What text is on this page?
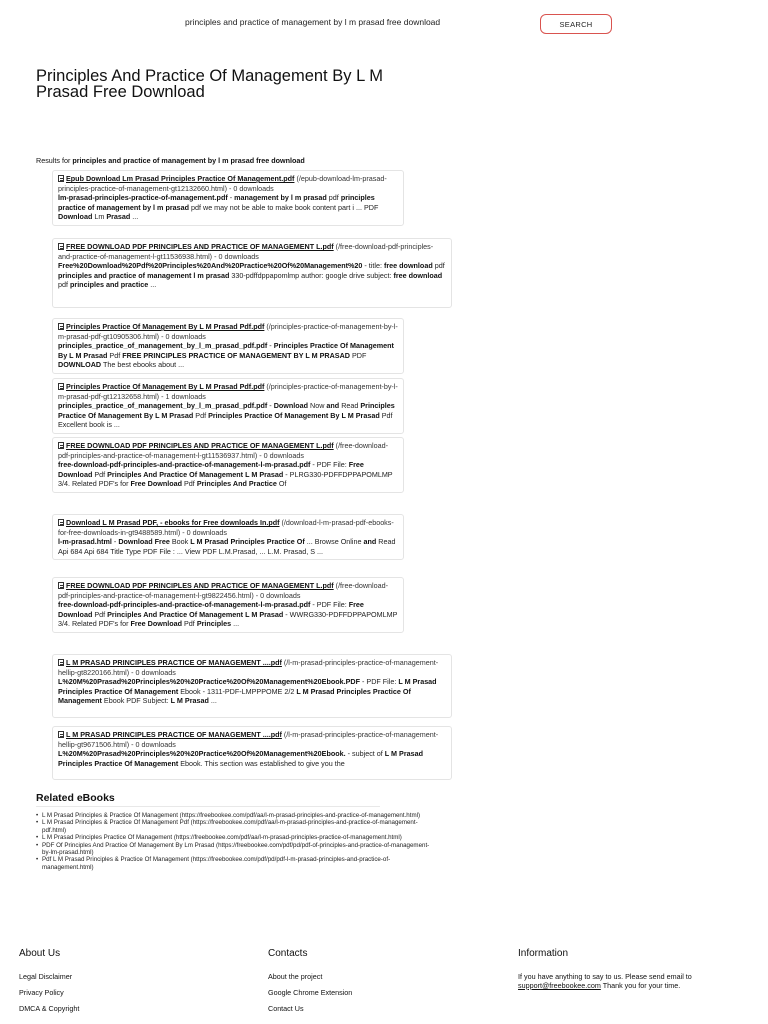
principles and practice of management by l m prasad free download	SEARCH
Principles And Practice Of Management By L M Prasad Free Download
Results for principles and practice of management by l m prasad free download
Epub Download Lm Prasad Principles Practice Of Management.pdf (/epub-download-lm-prasad-principles-practice-of-management-gt12132660.html) - 0 downloads
lm-prasad-principles-practice-of-management.pdf - management by l m prasad pdf principles practice of management by l m prasad pdf we may not be able to make book content part i ... PDF Download Lm Prasad ...
FREE DOWNLOAD PDF PRINCIPLES AND PRACTICE OF MANAGEMENT L.pdf (/free-download-pdf-principles-and-practice-of-management-l-gt11536938.html) - 0 downloads
Free%20Download%20Pdf%20Principles%20And%20Practice%20Of%20Management%20 - title: free download pdf principles and practice of management l m prasad 330-pdffdppapomlmp author: google drive subject: free download pdf principles and practice ...
Principles Practice Of Management By L M Prasad Pdf.pdf (/principles-practice-of-management-by-l-m-prasad-pdf-gt10905306.html) - 0 downloads
principles_practice_of_management_by_l_m_prasad_pdf.pdf - Principles Practice Of Management By L M Prasad Pdf FREE PRINCIPLES PRACTICE OF MANAGEMENT BY L M PRASAD PDF DOWNLOAD The best ebooks about ...
Principles Practice Of Management By L M Prasad Pdf.pdf (/principles-practice-of-management-by-l-m-prasad-pdf-gt12132658.html) - 1 downloads
principles_practice_of_management_by_l_m_prasad_pdf.pdf - Download Now and Read Principles Practice Of Management By L M Prasad Pdf Principles Practice Of Management By L M Prasad Pdf Excellent book is ...
FREE DOWNLOAD PDF PRINCIPLES AND PRACTICE OF MANAGEMENT L.pdf (/free-download-pdf-principles-and-practice-of-management-l-gt11536937.html) - 0 downloads
free-download-pdf-principles-and-practice-of-management-l-m-prasad.pdf - PDF File: Free Download Pdf Principles And Practice Of Management L M Prasad - PLRG330-PDFFDPPAPOMLMP 3/4. Related PDF's for Free Download Pdf Principles And Practice Of
Download L M Prasad PDF, - ebooks for Free downloads In.pdf (/download-l-m-prasad-pdf-ebooks-for-free-downloads-in-gt9488589.html) - 0 downloads
l-m-prasad.html - Download Free Book L M Prasad Principles Practice Of ... Browse Online and Read Api 684 Api 684 Title Type PDF File : ... View PDF L.M.Prasad, ... L.M. Prasad, S ...
FREE DOWNLOAD PDF PRINCIPLES AND PRACTICE OF MANAGEMENT L.pdf (/free-download-pdf-principles-and-practice-of-management-l-gt9822456.html) - 0 downloads
free-download-pdf-principles-and-practice-of-management-l-m-prasad.pdf - PDF File: Free Download Pdf Principles And Practice Of Management L M Prasad - WWRG330-PDFFDPPAPOMLMP 3/4. Related PDF's for Free Download Pdf Principles ...
L M PRASAD PRINCIPLES PRACTICE OF MANAGEMENT ....pdf (/l-m-prasad-principles-practice-of-management-hellip-gt8220166.html) - 0 downloads
L%20M%20Prasad%20Principles%20%20Practice%20Of%20Management%20Ebook.PDF - PDF File: L M Prasad Principles Practice Of Management Ebook - 1311-PDF-LMPPPOME 2/2 L M Prasad Principles Practice Of Management Ebook PDF Subject: L M Prasad ...
L M PRASAD PRINCIPLES PRACTICE OF MANAGEMENT ....pdf (/l-m-prasad-principles-practice-of-management-hellip-gt9671506.html) - 0 downloads
L%20M%20Prasad%20Principles%20%20Practice%20Of%20Management%20Ebook. - subject of L M Prasad Principles Practice Of Management Ebook. This section was established to give you the
Related eBooks
• L M Prasad Principles & Practice Of Management (https://freebookee.com/pdf/aa/l-m-prasad-principles-and-practice-of-management.html)
• L M Prasad Principles & Practice Of Management Pdf (https://freebookee.com/pdf/aa/l-m-prasad-principles-and-practice-of-management-pdf.html)
• L M Prasad Principles Practice Of Management (https://freebookee.com/pdf/aa/l-m-prasad-principles-practice-of-management.html)
• PDF Of Principles And Practice Of Management By Lm Prasad (https://freebookee.com/pdf/pd/pdf-of-principles-and-practice-of-management-by-lm-prasad.html)
• Pdf L M Prasad Principles & Practice Of Management (https://freebookee.com/pdf/pd/pdf-l-m-prasad-principles-and-practice-of-management.html)
About Us
Legal Disclaimer
Privacy Policy
DMCA & Copyright
Contacts
About the project
Google Chrome Extension
Contact Us
Information
If you have anything to say to us. Please send email to support@freebookee.com Thank you for your time.
